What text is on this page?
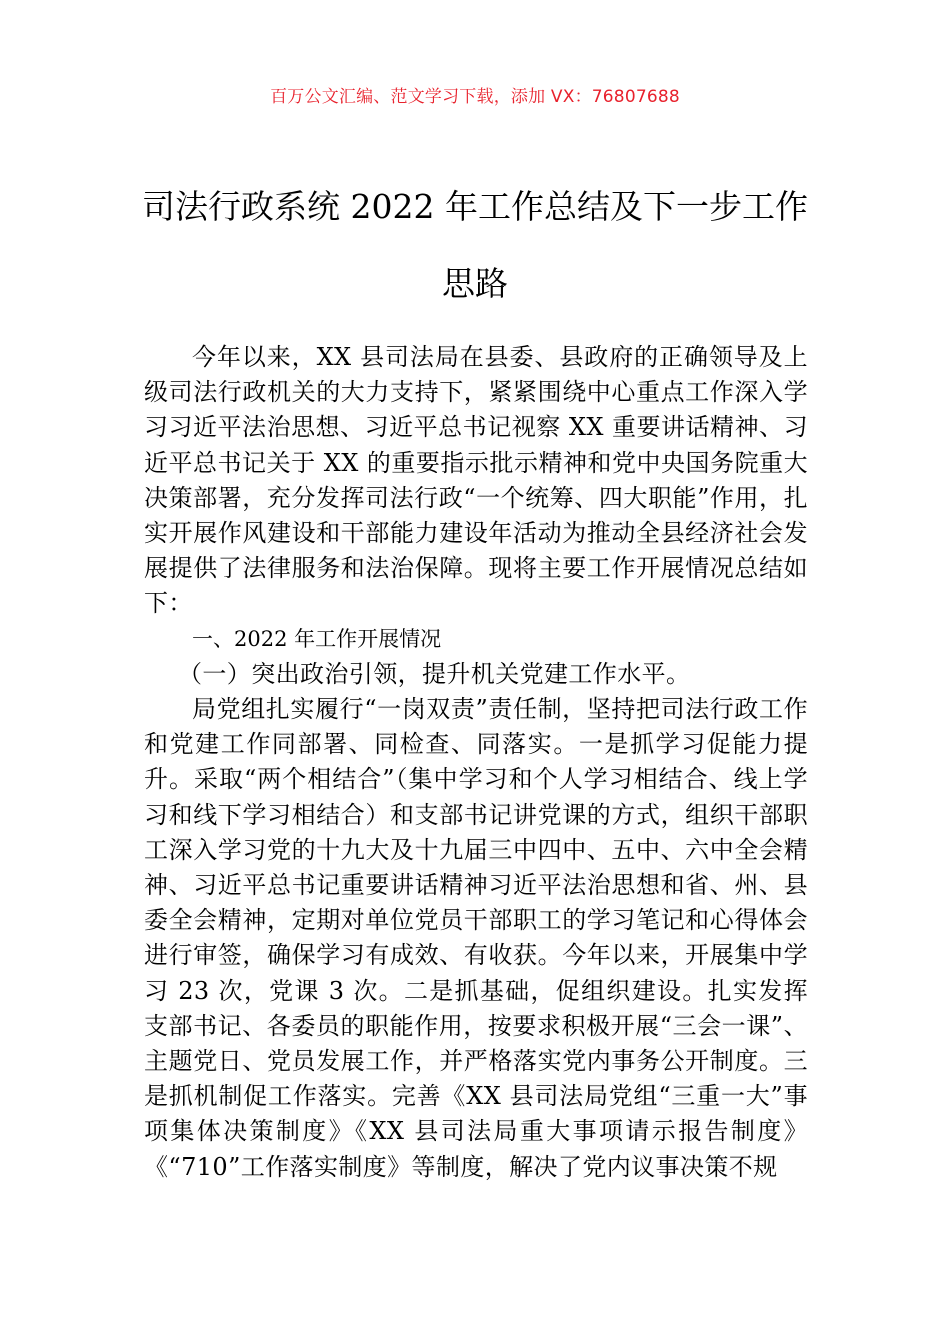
百万公文汇编、范文学习下载，添加 VX：76807688
司法行政系统 2022 年工作总结及下一步工作思路

今年以来，XX 县司法局在县委、县政府的正确领导及上级司法行政机关的大力支持下，紧紧围绕中心重点工作深入学习习近平法治思想、习近平总书记视察 XX 重要讲话精神、习近平总书记关于 XX 的重要指示批示精神和党中央国务院重大决策部署，充分发挥司法行政“一个统筹、四大职能”作用，扎实开展作风建设和干部能力建设年活动为推动全县经济社会发展提供了法律服务和法治保障。现将主要工作开展情况总结如下：

一、2022 年工作开展情况

（一）突出政治引领，提升机关党建工作水平。

局党组扎实履行“一岗双责”责任制，坚持把司法行政工作和党建工作同部署、同检查、同落实。一是抓学习促能力提升。采取“两个相结合”（集中学习和个人学习相结合、线上学习和线下学习相结合）和支部书记讲党课的方式，组织干部职工深入学习党的十九大及十九届三中四中、五中、六中全会精神、习近平总书记重要讲话精神习近平法治思想和省、州、县委全会精神，定期对单位党员干部职工的学习笔记和心得体会进行审签，确保学习有成效、有收获。今年以来，开展集中学习 23 次，党课 3 次。二是抓基础，促组织建设。扎实发挥支部书记、各委员的职能作用，按要求积极开展“三会一课”、主题党日、党员发展工作，并严格落实党内事务公开制度。三是抓机制促工作落实。完善《XX 县司法局党组“三重一大”事项集体决策制度》《XX 县司法局重大事项请示报告制度》《“710”工作落实制度》等制度，解决了党内议事决策不规
